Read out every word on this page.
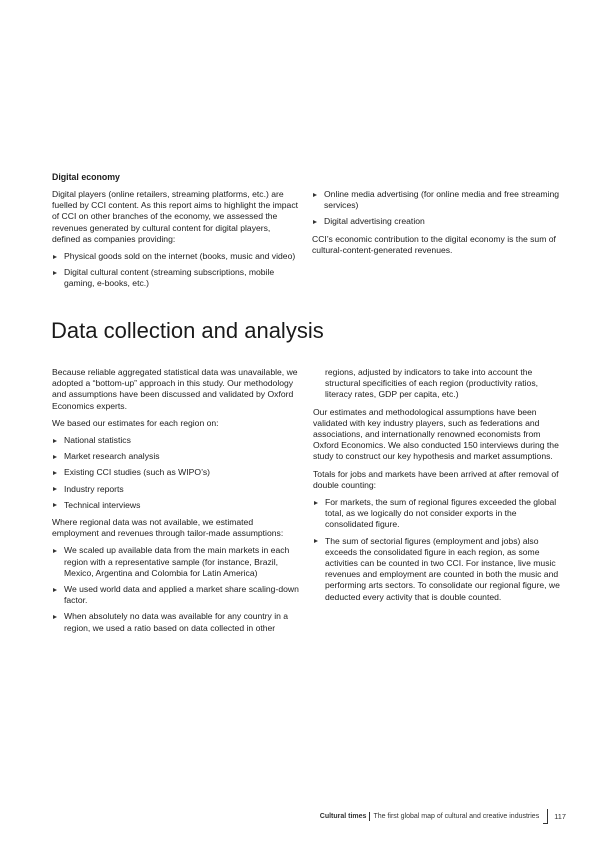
Digital economy

Digital players (online retailers, streaming platforms, etc.) are fuelled by CCI content. As this report aims to highlight the impact of CCI on other branches of the economy, we assessed the revenues generated by cultural content for digital players, defined as companies providing:

Physical goods sold on the internet (books, music and video)
Digital cultural content (streaming subscriptions, mobile gaming, e-books, etc.)
Online media advertising (for online media and free streaming services)
Digital advertising creation

CCI’s economic contribution to the digital economy is the sum of cultural-content-generated revenues.

Data collection and analysis

Because reliable aggregated statistical data was unavailable, we adopted a “bottom-up” approach in this study. Our methodology and assumptions have been discussed and validated by Oxford Economics experts.

We based our estimates for each region on:

National statistics
Market research analysis
Existing CCI studies (such as WIPO’s)
Industry reports
Technical interviews

Where regional data was not available, we estimated employment and revenues through tailor-made assumptions:

We scaled up available data from the main markets in each region with a representative sample (for instance, Brazil, Mexico, Argentina and Colombia for Latin America)
We used world data and applied a market share scaling-down factor.
When absolutely no data was available for any country in a region, we used a ratio based on data collected in other

regions, adjusted by indicators to take into account the structural specificities of each region (productivity ratios, literacy rates, GDP per capita, etc.)

Our estimates and methodological assumptions have been validated with key industry players, such as federations and associations, and internationally renowned economists from Oxford Economics. We also conducted 150 interviews during the study to construct our key hypothesis and market assumptions.

Totals for jobs and markets have been arrived at after removal of double counting:

For markets, the sum of regional figures exceeded the global total, as we logically do not consider exports in the consolidated figure.
The sum of sectorial figures (employment and jobs) also exceeds the consolidated figure in each region, as some activities can be counted in two CCI. For instance, live music revenues and employment are counted in both the music and performing arts sectors. To consolidate our regional figure, we deducted every activity that is double counted.
Cultural times The first global map of cultural and creative industries 117
